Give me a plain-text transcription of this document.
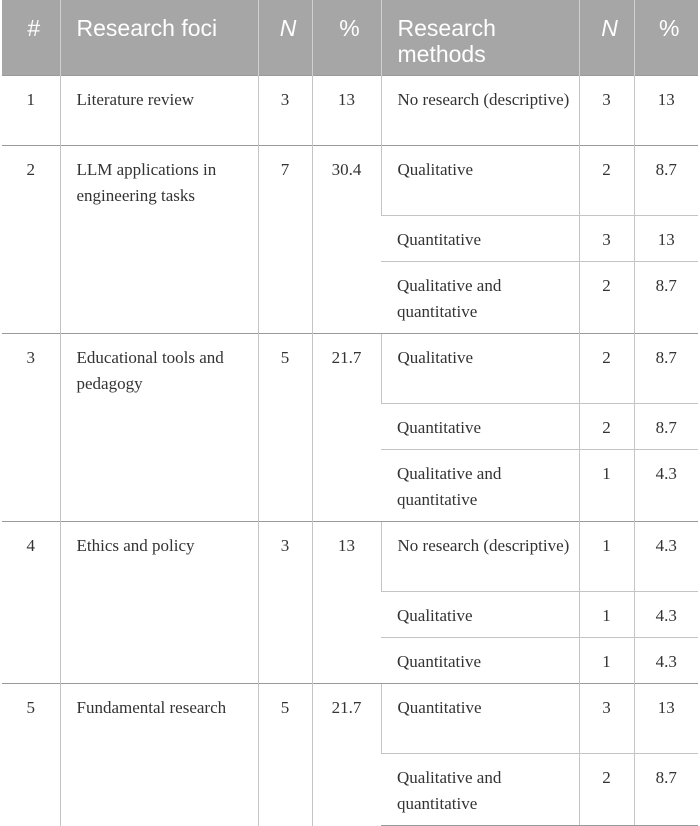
#	Research foci	N	%	Research methods	N	%
1	Literature review	3	13	No research (descriptive)	3	13
2	LLM applications in engineering tasks	7	30.4	Qualitative	2	8.7
				Quantitative	3	13
				Qualitative and quantitative	2	8.7
3	Educational tools and pedagogy	5	21.7	Qualitative	2	8.7
				Quantitative	2	8.7
				Qualitative and quantitative	1	4.3
4	Ethics and policy	3	13	No research (descriptive)	1	4.3
				Qualitative	1	4.3
				Quantitative	1	4.3
5	Fundamental research	5	21.7	Quantitative	3	13
				Qualitative and quantitative	2	8.7
